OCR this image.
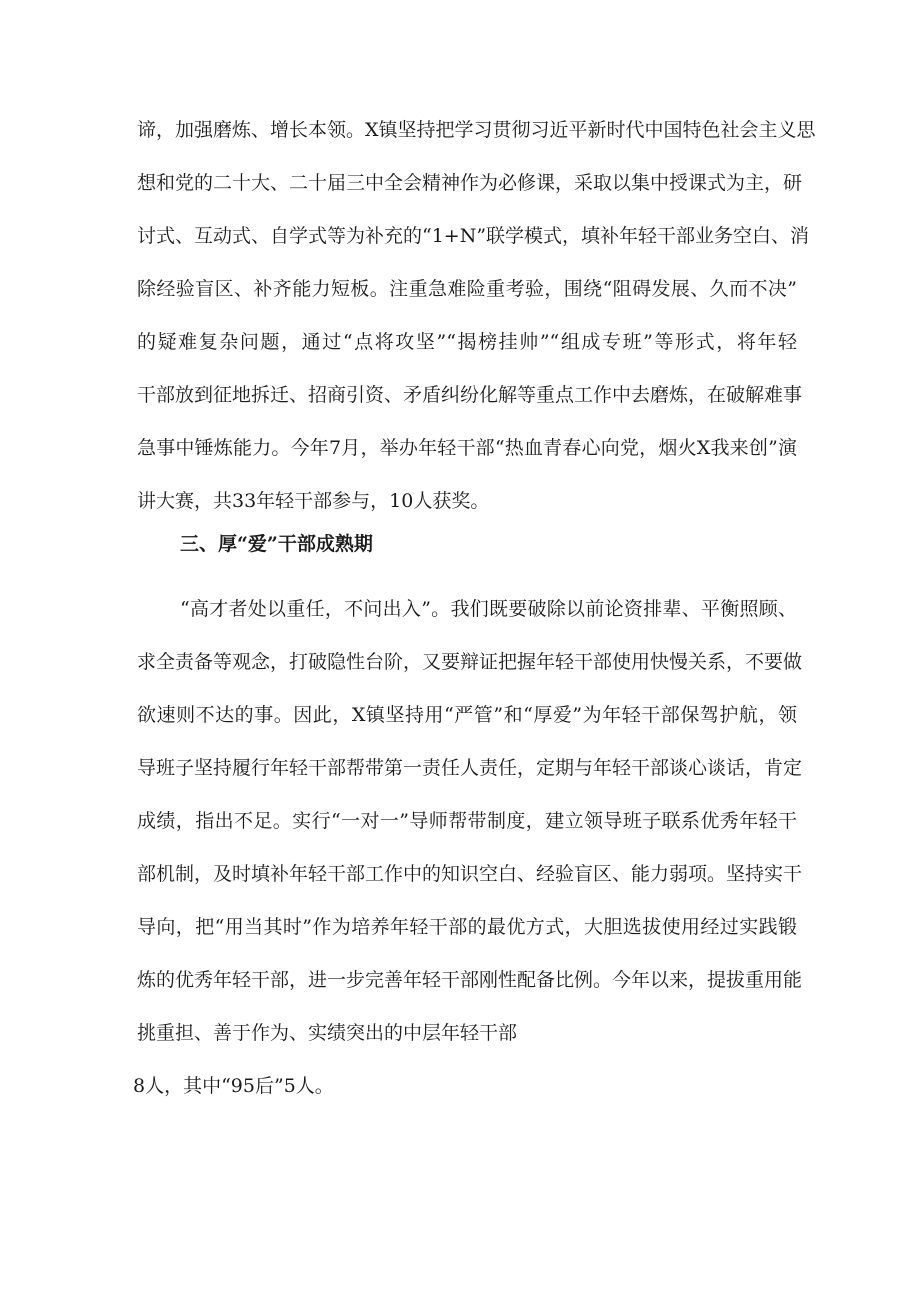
谛，加强磨炼、增长本领。X镇坚持把学习贯彻习近平新时代中国特色社会主义思
想和党的二十大、二十届三中全会精神作为必修课，采取以集中授课式为主，研
讨式、互动式、自学式等为补充的“1+N”联学模式，填补年轻干部业务空白、消
除经验盲区、补齐能力短板。注重急难险重考验，围绕“阻碍发展、久而不决”
的疑难复杂问题，通过“点将攻坚”“揭榜挂帅”“组成专班”等形式，将年轻
干部放到征地拆迁、招商引资、矛盾纠纷化解等重点工作中去磨炼，在破解难事
急事中锤炼能力。今年7月，举办年轻干部“热血青春心向党，烟火X我来创”演
讲大赛，共33年轻干部参与，10人获奖。
三、厚“爱”干部成熟期
“高才者处以重任，不问出入”。我们既要破除以前论资排辈、平衡照顾、
求全责备等观念，打破隐性台阶，又要辩证把握年轻干部使用快慢关系，不要做
欲速则不达的事。因此，X镇坚持用“严管”和“厚爱”为年轻干部保驾护航，领
导班子坚持履行年轻干部帮带第一责任人责任，定期与年轻干部谈心谈话，肯定
成绩，指出不足。实行“一对一”导师帮带制度，建立领导班子联系优秀年轻干
部机制，及时填补年轻干部工作中的知识空白、经验盲区、能力弱项。坚持实干
导向，把“用当其时”作为培养年轻干部的最优方式，大胆选拔使用经过实践锻
炼的优秀年轻干部，进一步完善年轻干部刚性配备比例。今年以来，提拔重用能
挑重担、善于作为、实绩突出的中层年轻干部
8人，其中“95后”5人。
